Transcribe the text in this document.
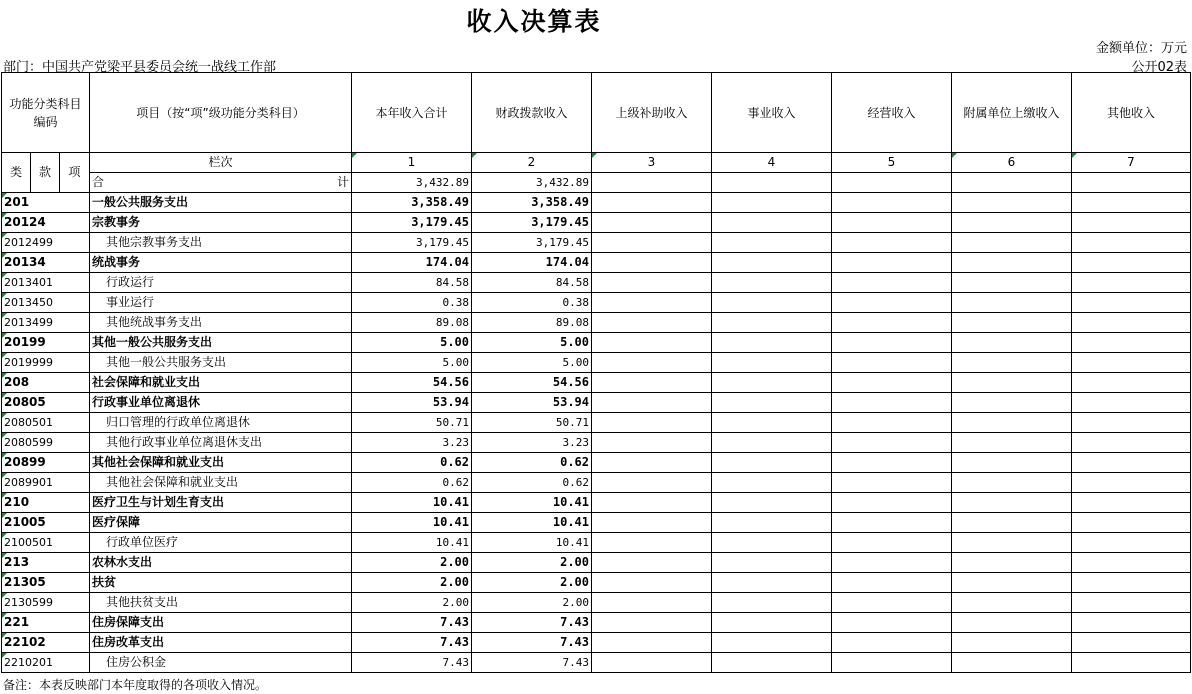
收入决算表
金额单位：万元
部门：中国共产党梁平县委员会统一战线工作部	公开02表
功能分类科目编码			项目（按“项”级功能分类科目）	本年收入合计	财政拨款收入	上级补助收入	事业收入	经营收入	附属单位上缴收入	其他收入
类	款	项	栏次	1	2	3	4	5	6	7

			合 计	3,432.89	3,432.89					
201			一般公共服务支出	3,358.49	3,358.49					
20124			宗教事务	3,179.45	3,179.45					
2012499			其他宗教事务支出	3,179.45	3,179.45					
20134			统战事务	174.04	174.04					
2013401			行政运行	84.58	84.58					
2013450			事业运行	0.38	0.38					
2013499			其他统战事务支出	89.08	89.08					
20199			其他一般公共服务支出	5.00	5.00					
2019999			其他一般公共服务支出	5.00	5.00					
208			社会保障和就业支出	54.56	54.56					
20805			行政事业单位离退休	53.94	53.94					
2080501			归口管理的行政单位离退休	50.71	50.71					
2080599			其他行政事业单位离退休支出	3.23	3.23					
20899			其他社会保障和就业支出	0.62	0.62					
2089901			其他社会保障和就业支出	0.62	0.62					
210			医疗卫生与计划生育支出	10.41	10.41					
21005			医疗保障	10.41	10.41					
2100501			行政单位医疗	10.41	10.41					
213			农林水支出	2.00	2.00					
21305			扶贫	2.00	2.00					
2130599			其他扶贫支出	2.00	2.00					
221			住房保障支出	7.43	7.43					
22102			住房改革支出	7.43	7.43					
2210201			住房公积金	7.43	7.43					
备注：本表反映部门本年度取得的各项收入情况。
